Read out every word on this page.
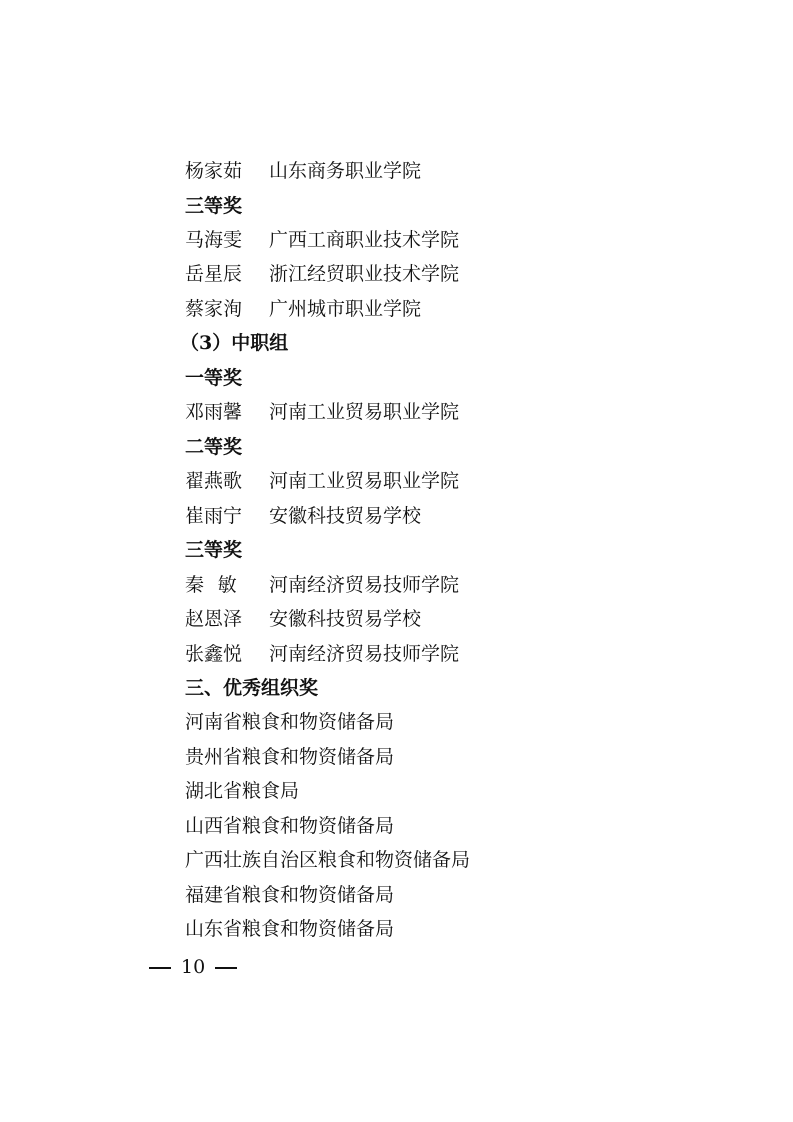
杨家茹 山东商务职业学院
三等奖
马海雯 广西工商职业技术学院
岳星辰 浙江经贸职业技术学院
蔡家洵 广州城市职业学院
（3）中职组
一等奖
邓雨馨 河南工业贸易职业学院
二等奖
翟燕歌 河南工业贸易职业学院
崔雨宁 安徽科技贸易学校
三等奖
秦敏 河南经济贸易技师学院
赵恩泽 安徽科技贸易学校
张鑫悦 河南经济贸易技师学院
三、优秀组织奖
河南省粮食和物资储备局
贵州省粮食和物资储备局
湖北省粮食局
山西省粮食和物资储备局
广西壮族自治区粮食和物资储备局
福建省粮食和物资储备局
山东省粮食和物资储备局
10
